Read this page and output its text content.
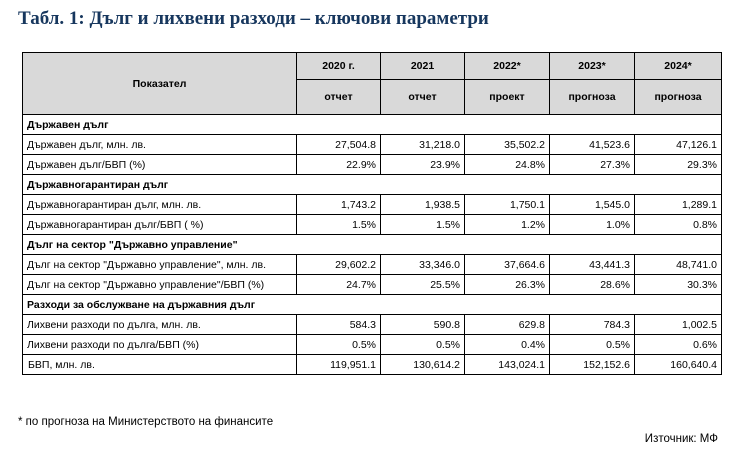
Табл. 1: Дълг и лихвени разходи – ключови параметри
Показател	2020 г.	2021	2022*	2023*	2024*
	отчет	отчет	проект	прогноза	прогноза
Държавен дълг					
Държавен дълг, млн. лв.	27,504.8	31,218.0	35,502.2	41,523.6	47,126.1
Държавен дълг/БВП (%)	22.9%	23.9%	24.8%	27.3%	29.3%
Държавногарантиран дълг					
Държавногарантиран дълг, млн. лв.	1,743.2	1,938.5	1,750.1	1,545.0	1,289.1
Държавногарантиран дълг/БВП ( %)	1.5%	1.5%	1.2%	1.0%	0.8%
Дълг на сектор "Държавно управление"					
Дълг на сектор "Държавно управление", млн. лв.	29,602.2	33,346.0	37,664.6	43,441.3	48,741.0
Дълг на сектор "Държавно управление"/БВП (%)	24.7%	25.5%	26.3%	28.6%	30.3%
Разходи за обслужване на държавния дълг					
Лихвени разходи по дълга, млн. лв.	584.3	590.8	629.8	784.3	1,002.5
Лихвени разходи по дълга/БВП (%)	0.5%	0.5%	0.4%	0.5%	0.6%
БВП, млн. лв.	119,951.1	130,614.2	143,024.1	152,152.6	160,640.4
* по прогноза на Министерството на финансите
Източник: МФ
